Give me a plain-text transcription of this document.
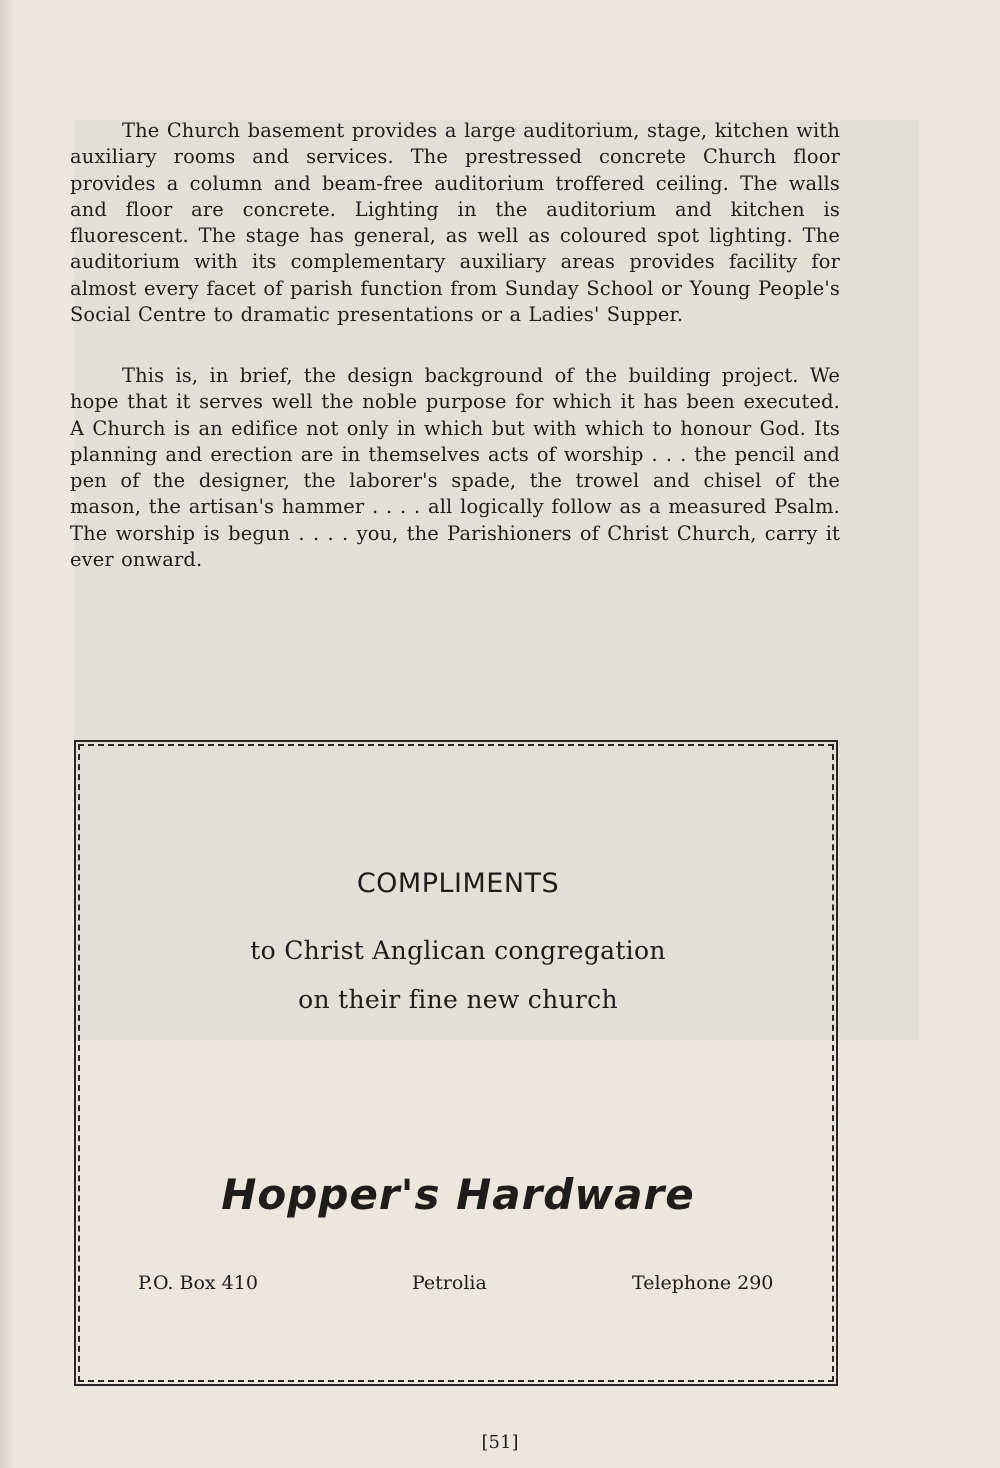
The Church basement provides a large auditorium, stage, kitchen with auxiliary rooms and services. The prestressed concrete Church floor provides a column and beam-free auditorium troffered ceiling. The walls and floor are concrete. Lighting in the auditorium and kitchen is fluorescent. The stage has general, as well as coloured spot lighting. The auditorium with its complementary auxiliary areas provides facility for almost every facet of parish function from Sunday School or Young People's Social Centre to dramatic presentations or a Ladies' Supper.

This is, in brief, the design background of the building project. We hope that it serves well the noble purpose for which it has been executed. A Church is an edifice not only in which but with which to honour God. Its planning and erection are in themselves acts of worship . . . the pencil and pen of the designer, the laborer's spade, the trowel and chisel of the mason, the artisan's hammer . . . . all logically follow as a measured Psalm. The worship is begun . . . . you, the Parishioners of Christ Church, carry it ever onward.

COMPLIMENTS

to Christ Anglican congregation

on their fine new church

Hopper's Hardware

P.O. Box 410	Petrolia	Telephone 290

[51]
